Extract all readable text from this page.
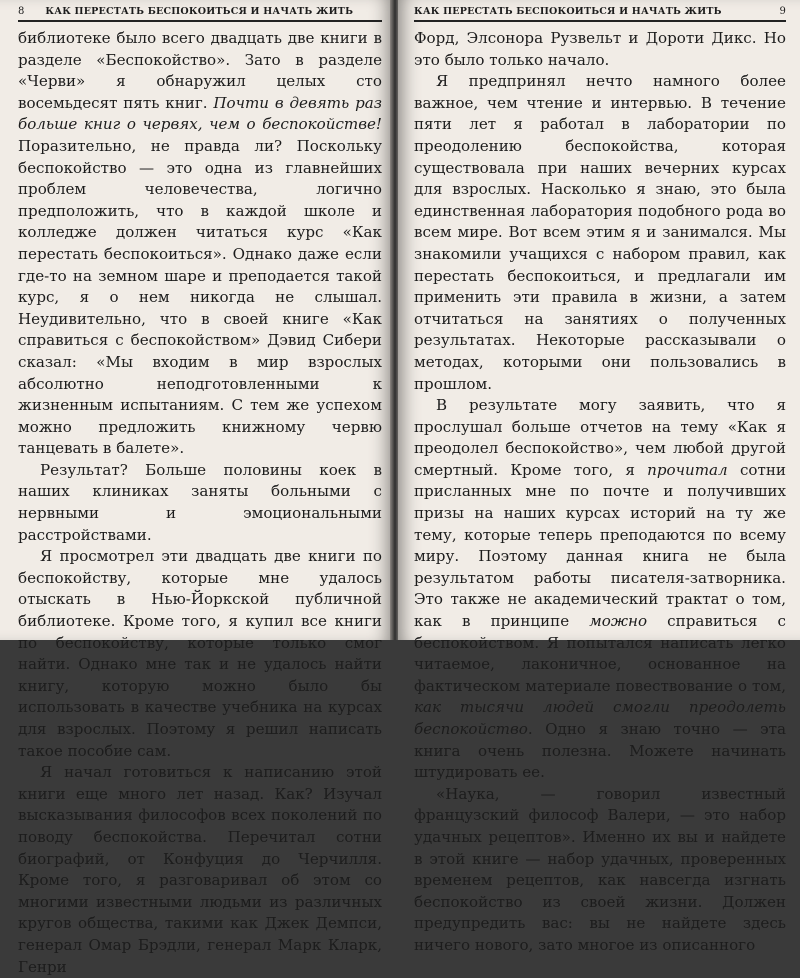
8 КАК ПЕРЕСТАТЬ БЕСПОКОИТЬСЯ И НАЧАТЬ ЖИТЬ

библиотеке было всего двадцать две книги в разделе «Беспокойство». Зато в разделе «Черви» я обнаружил целых сто восемьдесят пять книг. Почти в девять раз больше книг о червях, чем о беспокойстве! Поразительно, не правда ли? Поскольку беспокойство — это одна из главнейших проблем человечества, логично предположить, что в каждой школе и колледже должен читаться курс «Как перестать беспокоиться». Однако даже если где-то на земном шаре и преподается такой курс, я о нем никогда не слышал. Неудивительно, что в своей книге «Как справиться с беспокойством» Дэвид Сибери сказал: «Мы входим в мир взрослых абсолютно неподготовленными к жизненным испытаниям. С тем же успехом можно предложить книжному червю танцевать в балете».

Результат? Больше половины коек в наших клиниках заняты больными с нервными и эмоциональными расстройствами.

Я просмотрел эти двадцать две книги по беспокойству, которые мне удалось отыскать в Нью-Йоркской публичной библиотеке. Кроме того, я купил все книги по беспокойству, которые только смог найти. Однако мне так и не удалось найти книгу, которую можно было бы использовать в качестве учебника на курсах для взрослых. Поэтому я решил написать такое пособие сам.

Я начал готовиться к написанию этой книги еще много лет назад. Как? Изучал высказывания философов всех поколений по поводу беспокойства. Перечитал сотни биографий, от Конфуция до Черчилля. Кроме того, я разговаривал об этом со многими известными людьми из различных кругов общества, такими как Джек Демпси, генерал Омар Брэдли, генерал Марк Кларк, Генри

КАК ПЕРЕСТАТЬ БЕСПОКОИТЬСЯ И НАЧАТЬ ЖИТЬ	9

Форд, Элсонора Рузвельт и Дороти Дикс. Но это было только начало.

Я предпринял нечто намного более важное, чем чтение и интервью. В течение пяти лет я работал в лаборатории по преодолению беспокойства, которая существовала при наших вечерних курсах для взрослых. Насколько я знаю, это была единственная лаборатория подобного рода во всем мире. Вот всем этим я и занимался. Мы знакомили учащихся с набором правил, как перестать беспокоиться, и предлагали им применить эти правила в жизни, а затем отчитаться на занятиях о полученных результатах. Некоторые рассказывали о методах, которыми они пользовались в прошлом.

В результате могу заявить, что я прослушал больше отчетов на тему «Как я преодолел беспокойство», чем любой другой смертный. Кроме того, я прочитал сотни присланных мне по почте и получивших призы на наших курсах историй на ту же тему, которые теперь преподаются по всему миру. Поэтому данная книга не была результатом работы писателя-затворника. Это также не академический трактат о том, как в принципе можно справиться с беспокойством. Я попытался написать легко читаемое, лаконичное, основанное на фактическом материале повествование о том, как тысячи людей смогли преодолеть беспокойство. Одно я знаю точно — эта книга очень полезна. Можете начинать штудировать ее.

«Наука, — говорил известный французский философ Валери, — это набор удачных рецептов». Именно их вы и найдете в этой книге — набор удачных, проверенных временем рецептов, как навсегда изгнать беспокойство из своей жизни. Должен предупредить вас: вы не найдете здесь ничего нового, зато многое из описанного
